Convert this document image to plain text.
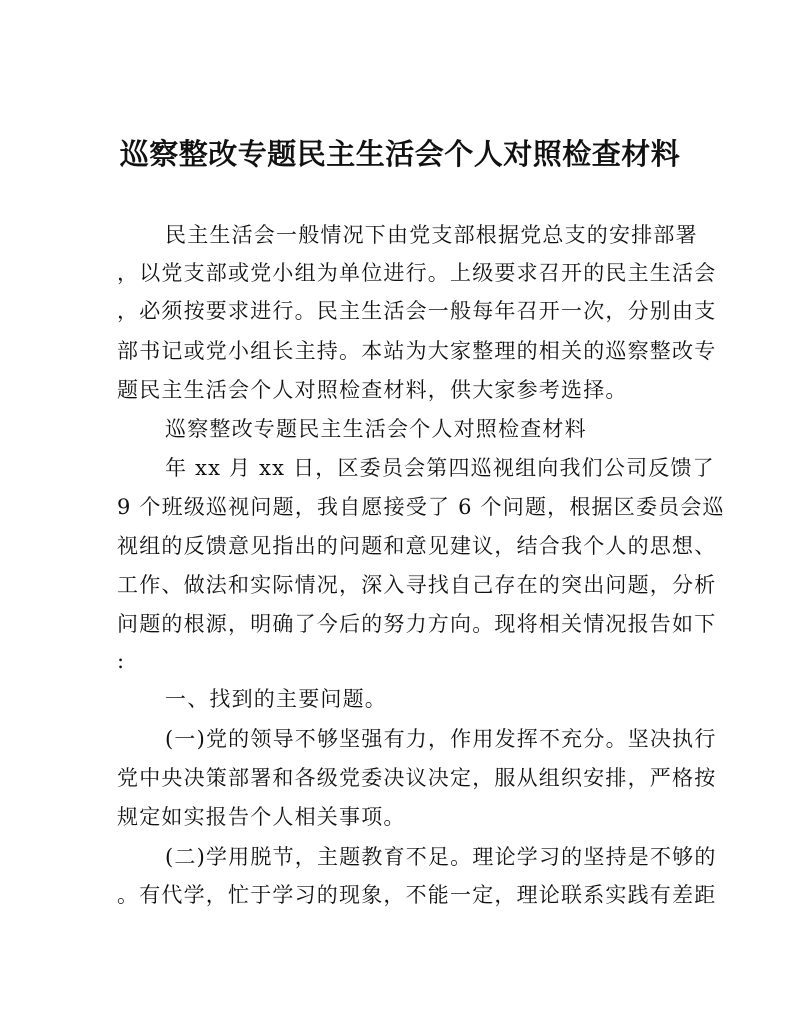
巡察整改专题民主生活会个人对照检查材料
民主生活会一般情况下由党支部根据党总支的安排部署
，以党支部或党小组为单位进行。上级要求召开的民主生活会
，必须按要求进行。民主生活会一般每年召开一次，分别由支
部书记或党小组长主持。本站为大家整理的相关的巡察整改专
题民主生活会个人对照检查材料，供大家参考选择。
巡察整改专题民主生活会个人对照检查材料
年 xx 月 xx 日，区委员会第四巡视组向我们公司反馈了
9 个班级巡视问题，我自愿接受了 6 个问题，根据区委员会巡
视组的反馈意见指出的问题和意见建议，结合我个人的思想、
工作、做法和实际情况，深入寻找自己存在的突出问题，分析
问题的根源，明确了今后的努力方向。现将相关情况报告如下
:
一、找到的主要问题。
(一)党的领导不够坚强有力，作用发挥不充分。坚决执行
党中央决策部署和各级党委决议决定，服从组织安排，严格按
规定如实报告个人相关事项。
(二)学用脱节，主题教育不足。理论学习的坚持是不够的
。有代学，忙于学习的现象，不能一定，理论联系实践有差距
